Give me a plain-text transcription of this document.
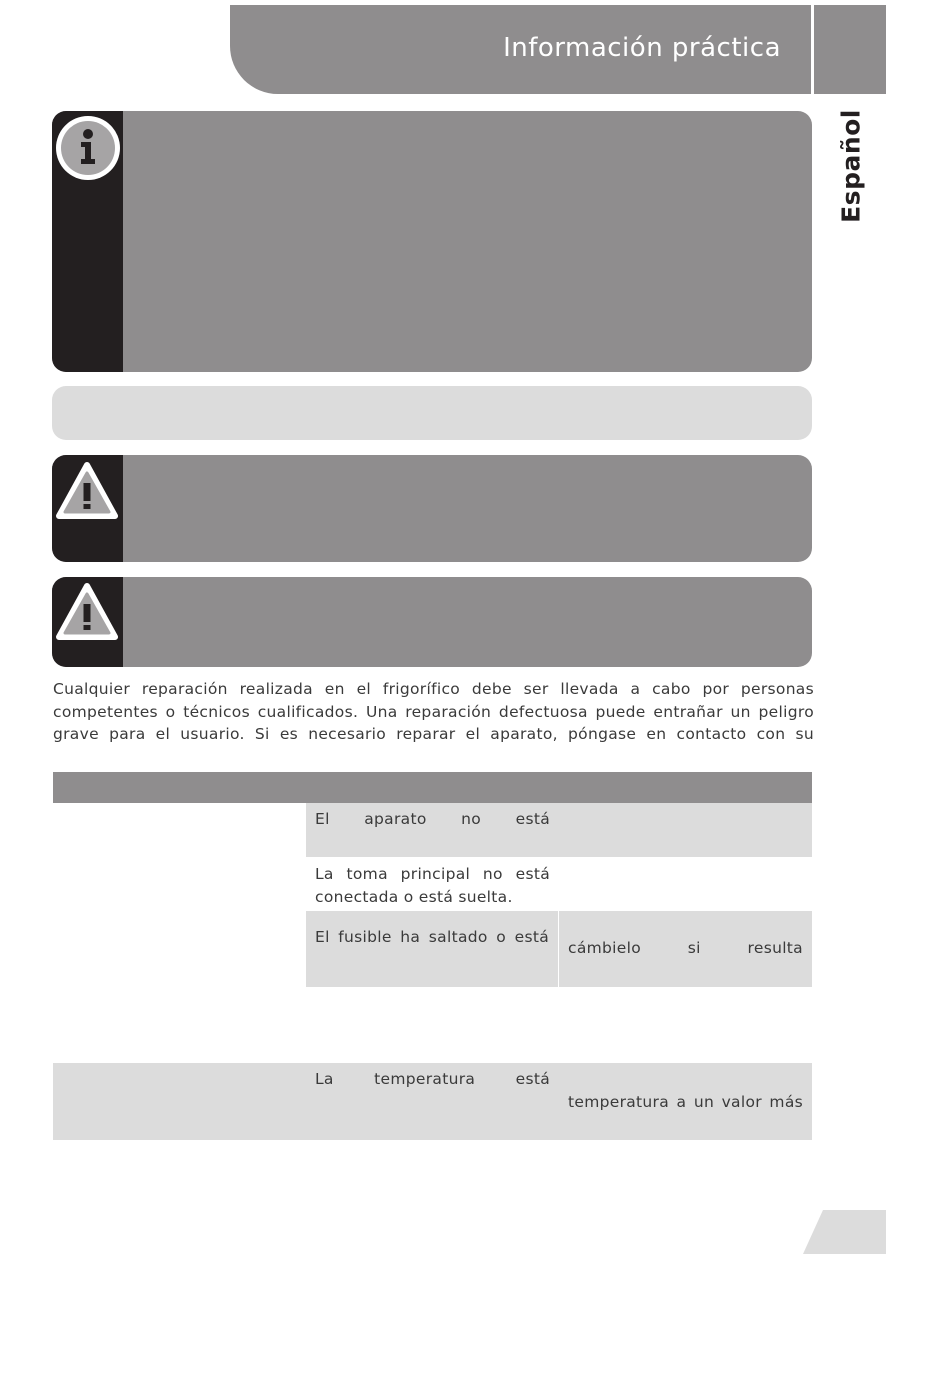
Información práctica
Español

Cualquier reparación realizada en el frigorífico debe ser llevada a cabo por personas competentes o técnicos cualificados. Una reparación defectuosa puede entrañar un peligro grave para el usuario. Si es necesario reparar el aparato, póngase en contacto con su

El aparato no está

La toma principal no está conectada o está suelta.

El fusible ha saltado o está

cámbielo si resulta

La temperatura está

temperatura a un valor más
